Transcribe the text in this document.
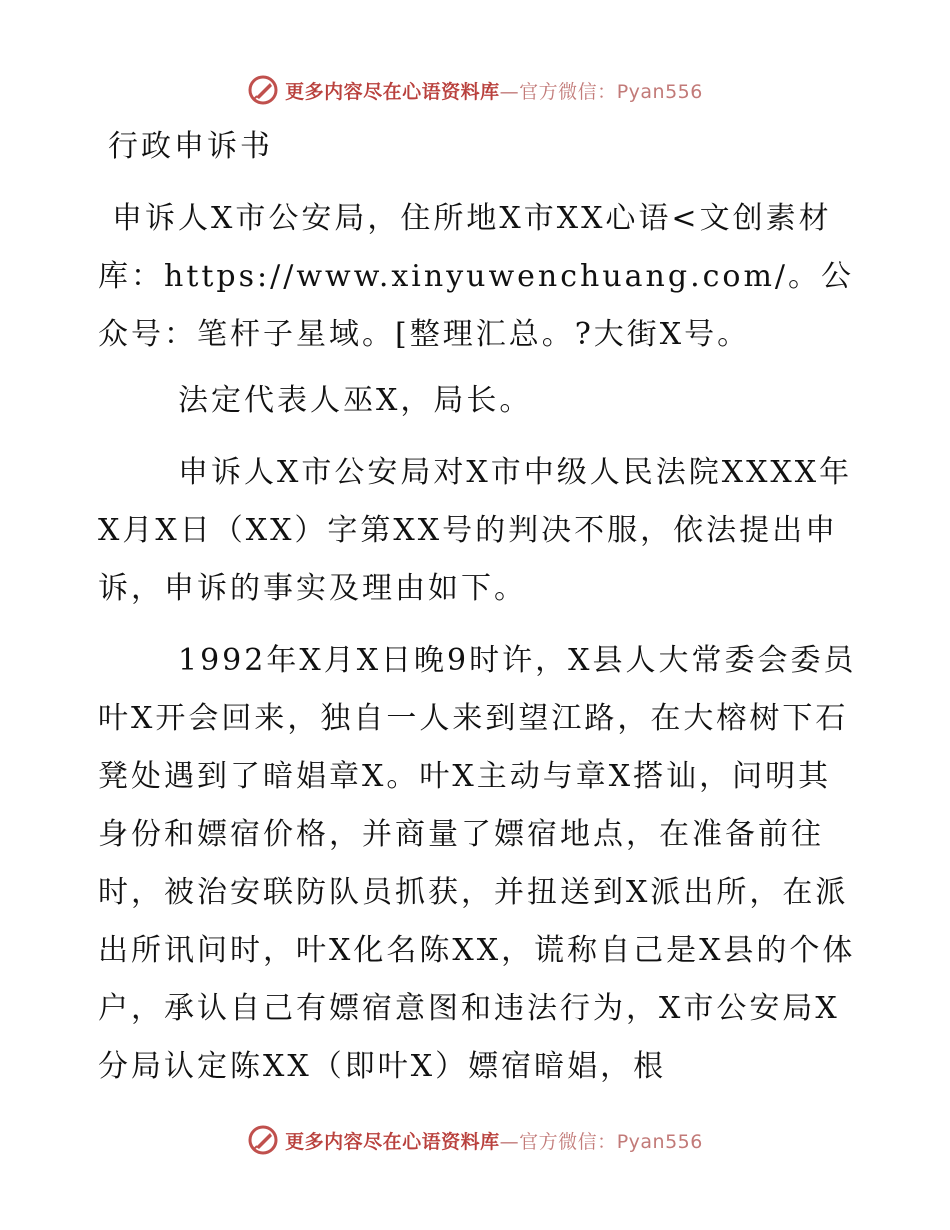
更多内容尽在心语资料库—官方微信：Pyan556

行政申诉书

申诉人X市公安局，住所地X市XX心语<文创素材库：https://www.xinyuwenchuang.com/。公众号：笔杆子星域。[整理汇总。?大街X号。

法定代表人巫X，局长。

申诉人X市公安局对X市中级人民法院XXXX年X月X日（XX）字第XX号的判决不服，依法提出申诉，申诉的事实及理由如下。

1992年X月X日晚9时许，X县人大常委会委员叶X开会回来，独自一人来到望江路，在大榕树下石凳处遇到了暗娼章X。叶X主动与章X搭讪，问明其身份和嫖宿价格，并商量了嫖宿地点，在准备前往时，被治安联防队员抓获，并扭送到X派出所，在派出所讯问时，叶X化名陈XX，谎称自己是X县的个体户，承认自己有嫖宿意图和违法行为，X市公安局X分局认定陈XX（即叶X）嫖宿暗娼，根

更多内容尽在心语资料库—官方微信：Pyan556
